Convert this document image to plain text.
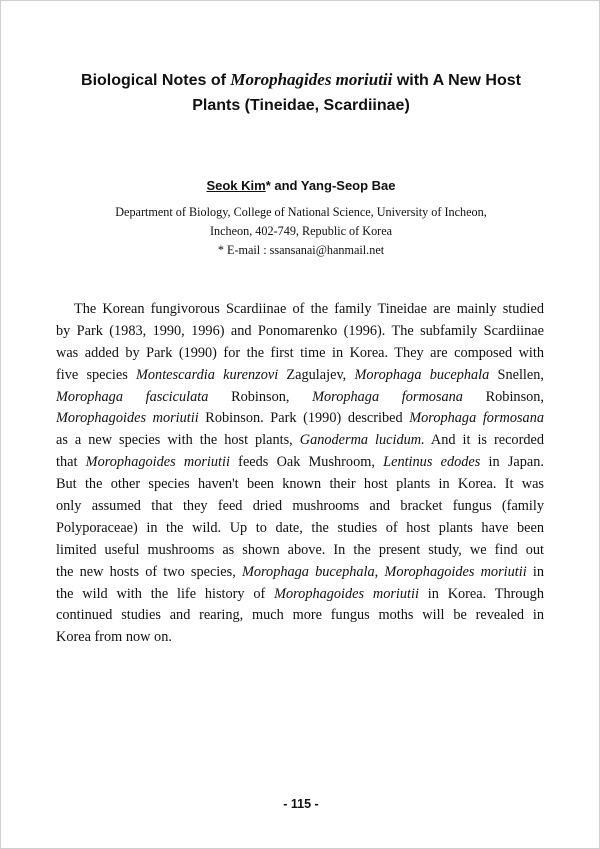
Biological Notes of Morophagides moriutii with A New Host
Plants (Tineidae, Scardiinae)
Seok Kim* and Yang-Seop Bae
Department of Biology, College of National Science, University of Incheon,
Incheon, 402-749, Republic of Korea
* E-mail : ssansanai@hanmail.net
The Korean fungivorous Scardiinae of the family Tineidae are mainly studied
by Park (1983, 1990, 1996) and Ponomarenko (1996). The subfamily Scardiinae
was added by Park (1990) for the first time in Korea. They are composed with
five species Montescardia kurenzovi Zagulajev, Morophaga bucephala Snellen,
Morophaga fasciculata Robinson, Morophaga formosana Robinson,
Morophagoides moriutii Robinson. Park (1990) described Morophaga formosana
as a new species with the host plants, Ganoderma lucidum. And it is recorded
that Morophagoides moriutii feeds Oak Mushroom, Lentinus edodes in Japan.
But the other species haven't been known their host plants in Korea. It was
only assumed that they feed dried mushrooms and bracket fungus (family
Polyporaceae) in the wild. Up to date, the studies of host plants have been
limited useful mushrooms as shown above. In the present study, we find out
the new hosts of two species, Morophaga bucephala, Morophagoides moriutii in
the wild with the life history of Morophagoides moriutii in Korea. Through
continued studies and rearing, much more fungus moths will be revealed in
Korea from now on.
- 115 -
